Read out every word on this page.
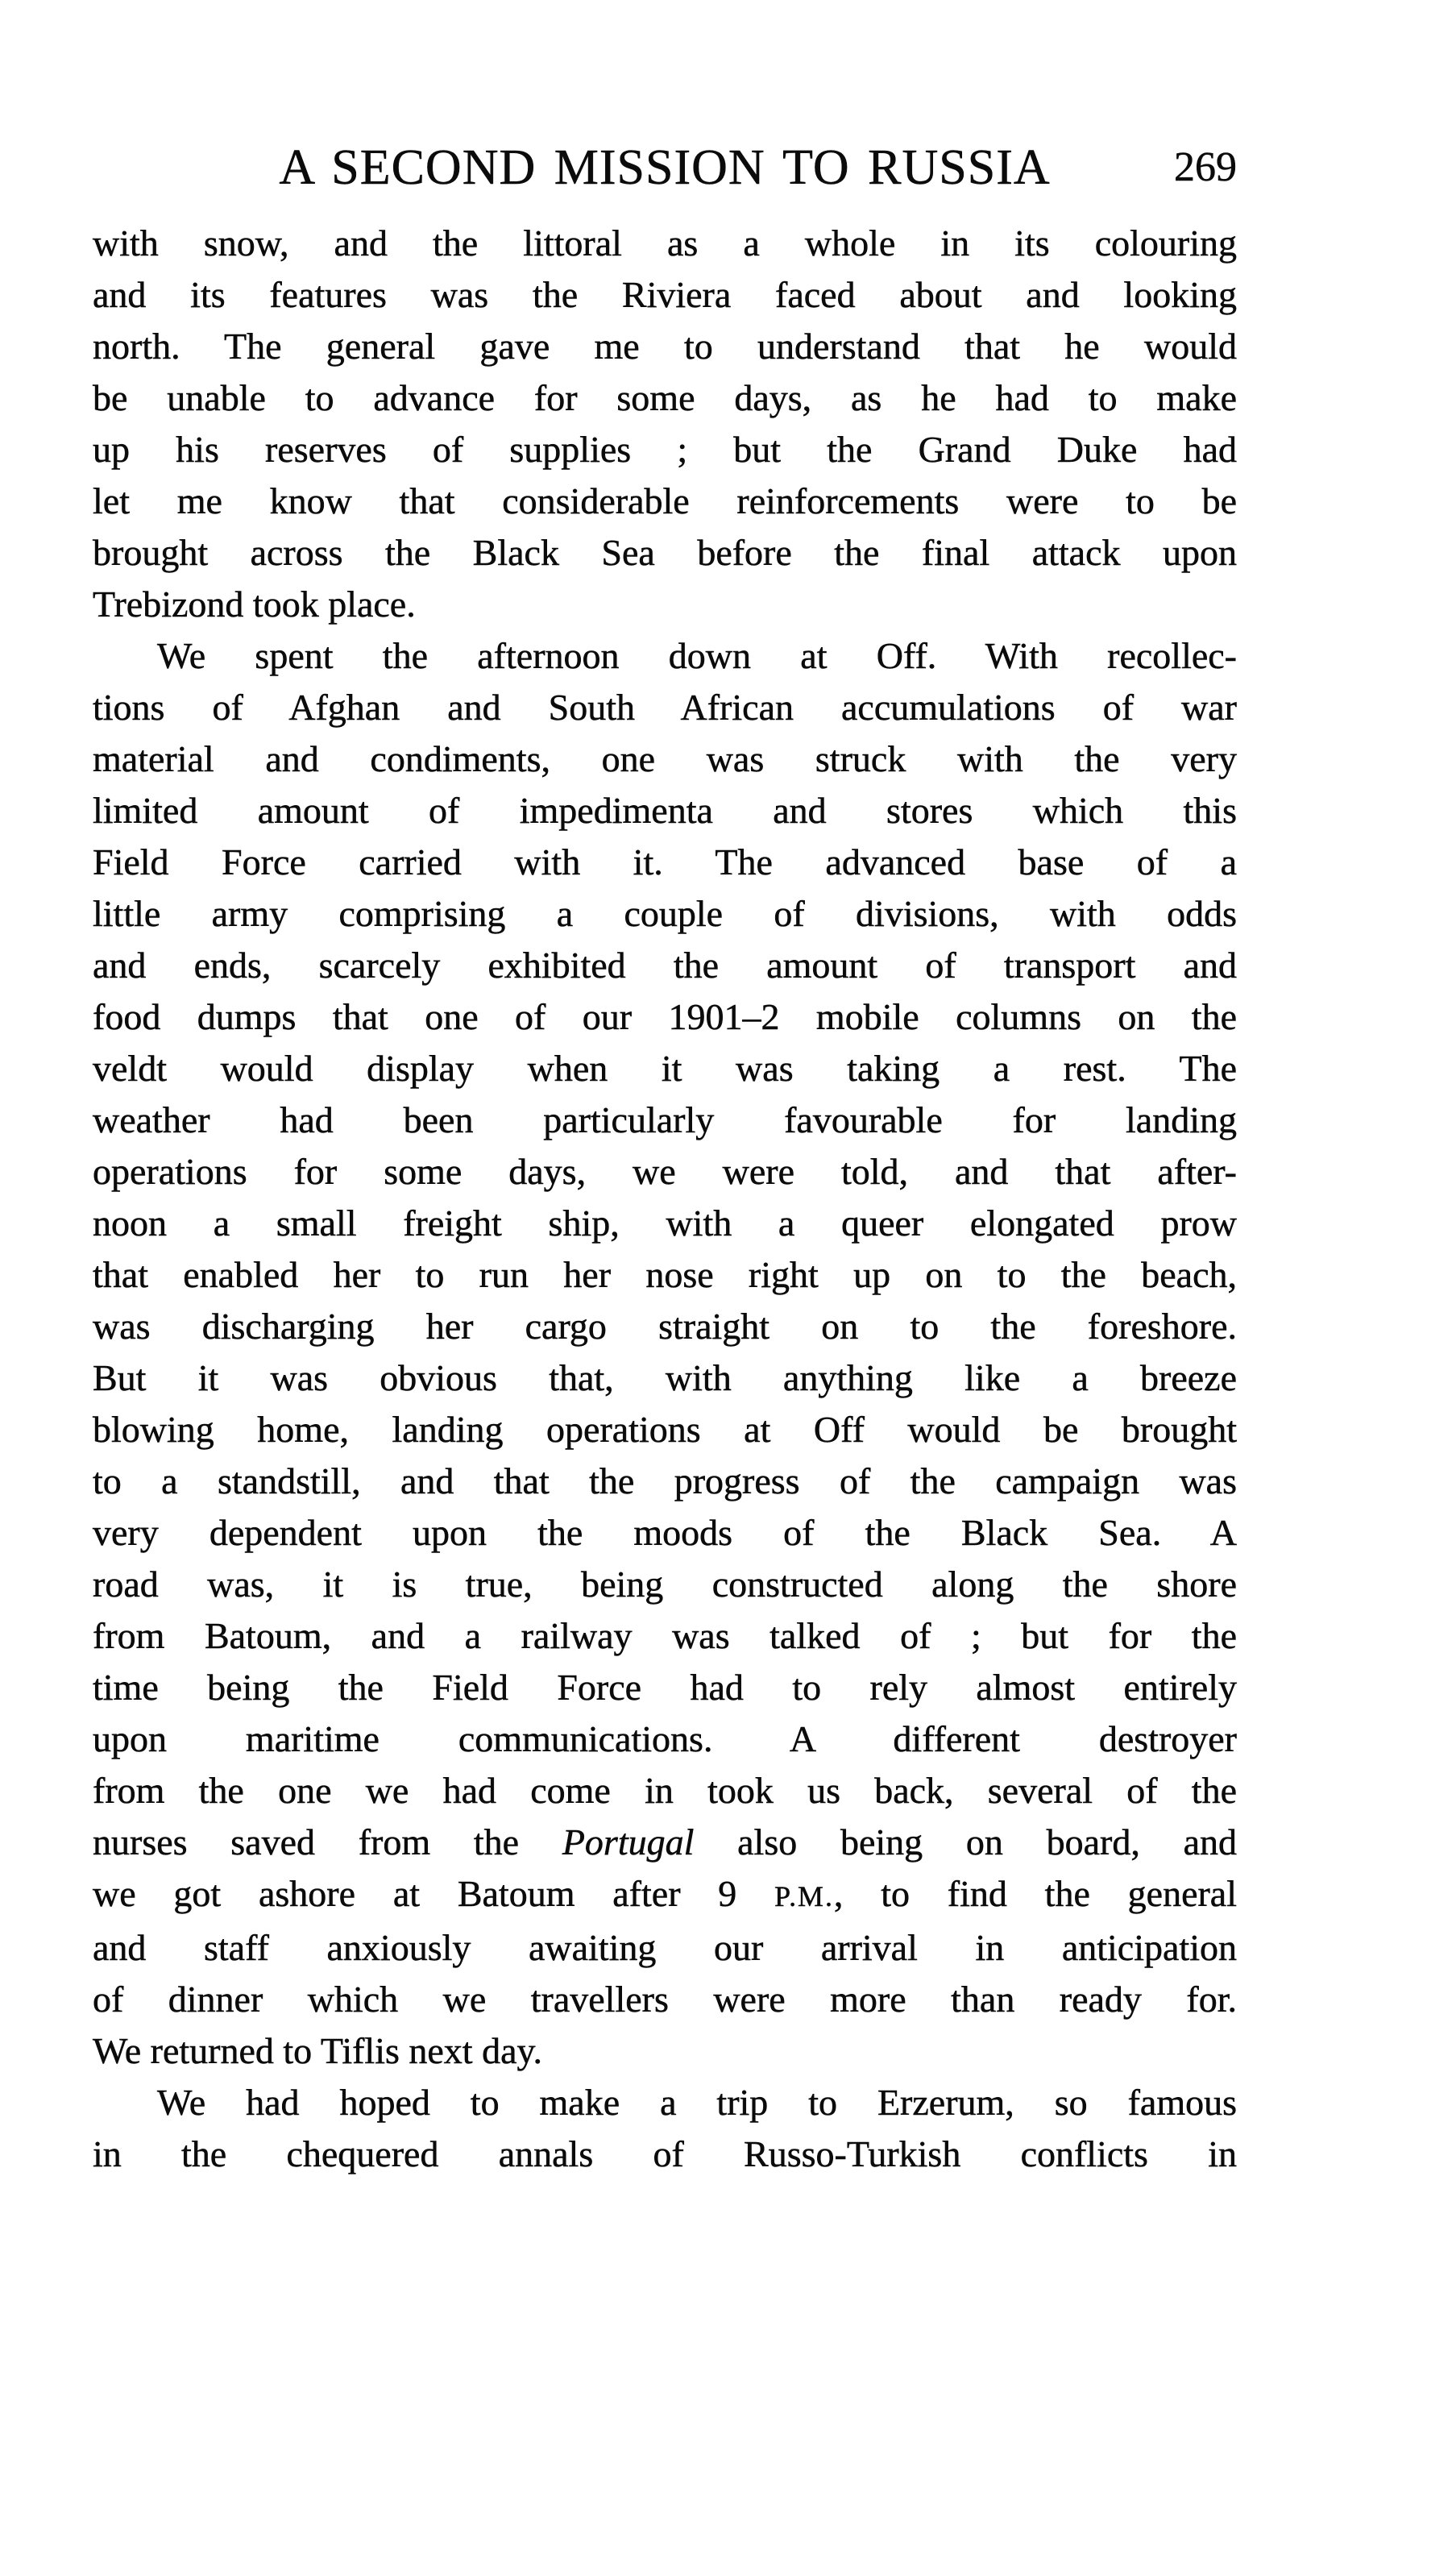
A SECOND MISSION TO RUSSIA	269
with snow, and the littoral as a whole in its colouring
and its features was the Riviera faced about and looking
north. The general gave me to understand that he would
be unable to advance for some days, as he had to make
up his reserves of supplies ; but the Grand Duke had
let me know that considerable reinforcements were to be
brought across the Black Sea before the final attack upon
Trebizond took place.
We spent the afternoon down at Off. With recollec-
tions of Afghan and South African accumulations of war
material and condiments, one was struck with the very
limited amount of impedimenta and stores which this
Field Force carried with it. The advanced base of a
little army comprising a couple of divisions, with odds
and ends, scarcely exhibited the amount of transport and
food dumps that one of our 1901–2 mobile columns on the
veldt would display when it was taking a rest. The
weather had been particularly favourable for landing
operations for some days, we were told, and that after-
noon a small freight ship, with a queer elongated prow
that enabled her to run her nose right up on to the beach,
was discharging her cargo straight on to the foreshore.
But it was obvious that, with anything like a breeze
blowing home, landing operations at Off would be brought
to a standstill, and that the progress of the campaign was
very dependent upon the moods of the Black Sea. A
road was, it is true, being constructed along the shore
from Batoum, and a railway was talked of ; but for the
time being the Field Force had to rely almost entirely
upon maritime communications. A different destroyer
from the one we had come in took us back, several of the
nurses saved from the Portugal also being on board, and
we got ashore at Batoum after 9 P.M., to find the general
and staff anxiously awaiting our arrival in anticipation
of dinner which we travellers were more than ready for.
We returned to Tiflis next day.
We had hoped to make a trip to Erzerum, so famous
in the chequered annals of Russo-Turkish conflicts in
